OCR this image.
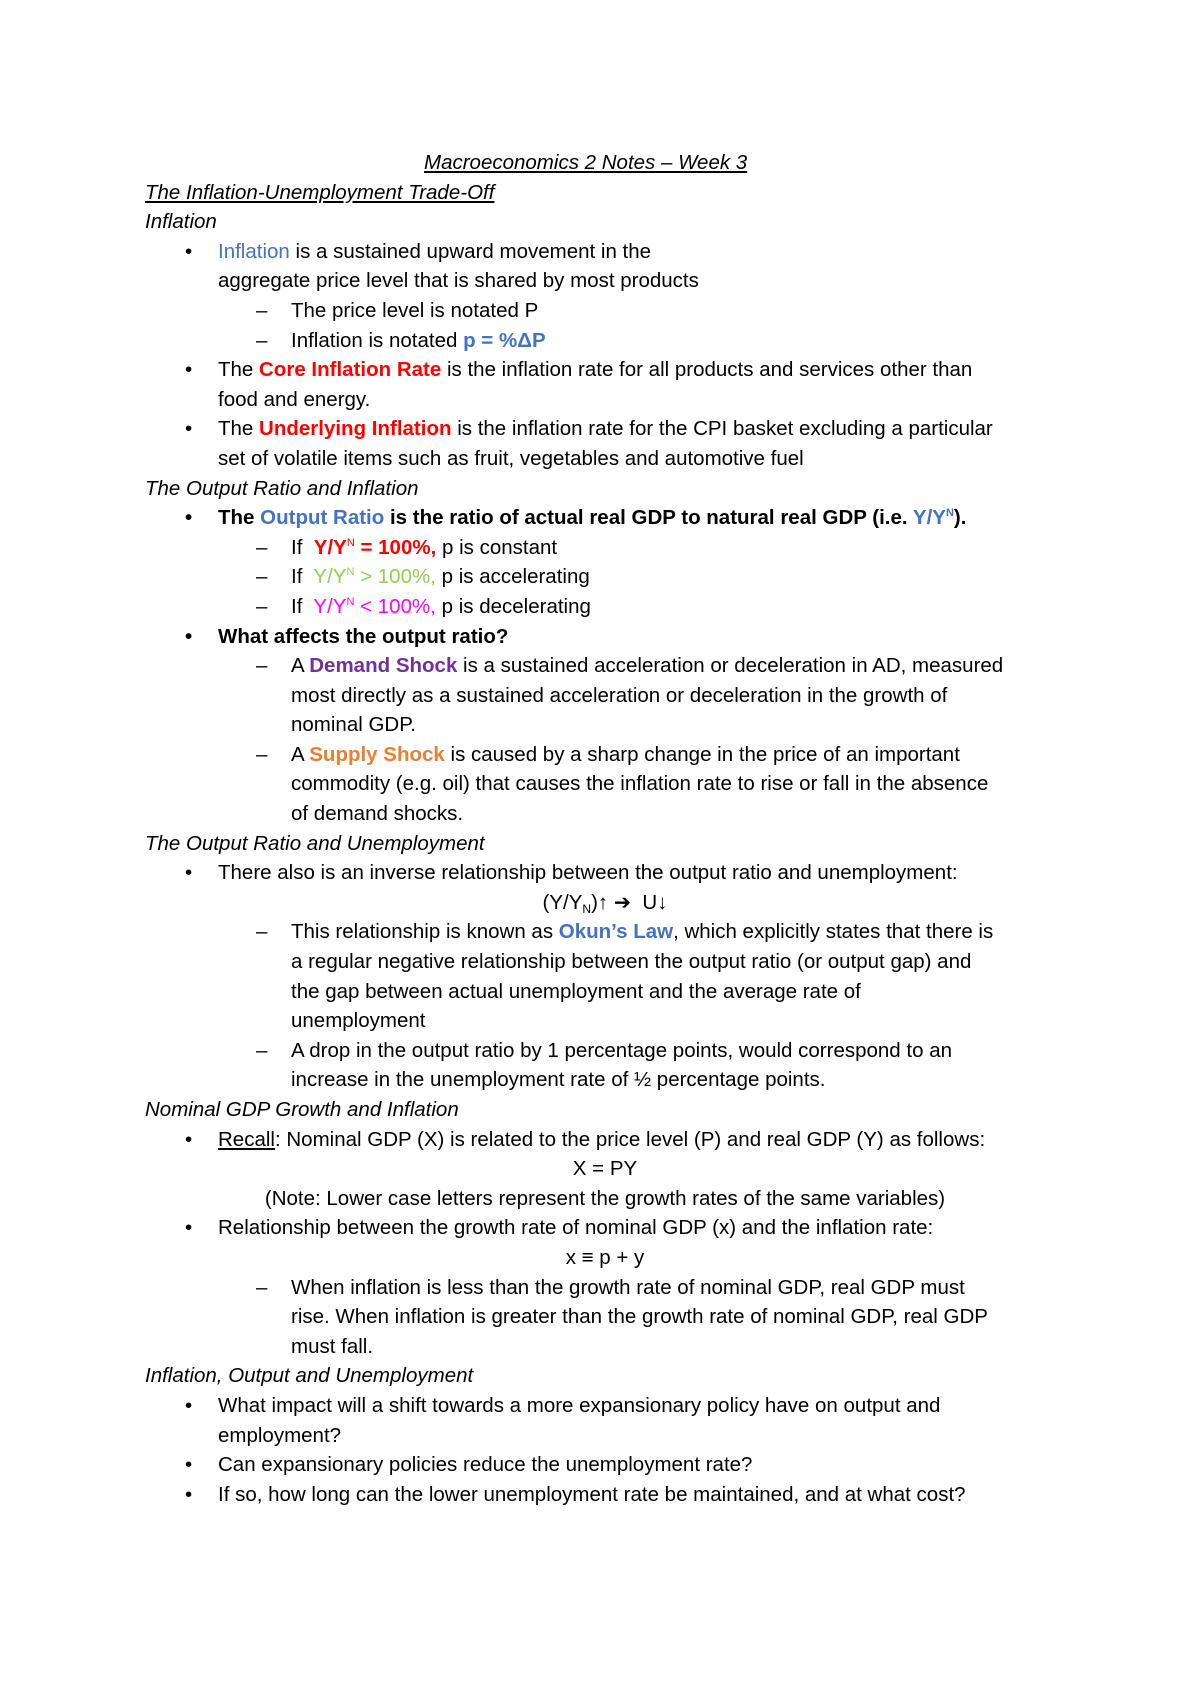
Macroeconomics 2 Notes – Week 3
The Inflation-Unemployment Trade-Off
Inflation
• Inflation is a sustained upward movement in the
aggregate price level that is shared by most products
– The price level is notated P
– Inflation is notated p = %ΔP
• The Core Inflation Rate is the inflation rate for all products and services other than
food and energy.
• The Underlying Inflation is the inflation rate for the CPI basket excluding a particular
set of volatile items such as fruit, vegetables and automotive fuel
The Output Ratio and Inflation
• The Output Ratio is the ratio of actual real GDP to natural real GDP (i.e. $Y/Y^N$).
– If  $Y/Y^N = 100\%$, p is constant
– If  $Y/Y^N > 100\%$, p is accelerating
– If  $Y/Y^N < 100\%$, p is decelerating
• What affects the output ratio?
– A Demand Shock is a sustained acceleration or deceleration in AD, measured
most directly as a sustained acceleration or deceleration in the growth of
nominal GDP.
– A Supply Shock is caused by a sharp change in the price of an important
commodity (e.g. oil) that causes the inflation rate to rise or fall in the absence
of demand shocks.
The Output Ratio and Unemployment
• There also is an inverse relationship between the output ratio and unemployment:
$(Y/Y_N)↑$ ➔  U↓
– This relationship is known as Okun’s Law, which explicitly states that there is
a regular negative relationship between the output ratio (or output gap) and
the gap between actual unemployment and the average rate of
unemployment
– A drop in the output ratio by 1 percentage points, would correspond to an
increase in the unemployment rate of ½ percentage points.
Nominal GDP Growth and Inflation
• Recall: Nominal GDP (X) is related to the price level (P) and real GDP (Y) as follows:
X = PY
(Note: Lower case letters represent the growth rates of the same variables)
• Relationship between the growth rate of nominal GDP (x) and the inflation rate:
x ≡ p + y
– When inflation is less than the growth rate of nominal GDP, real GDP must
rise. When inflation is greater than the growth rate of nominal GDP, real GDP
must fall.
Inflation, Output and Unemployment
• What impact will a shift towards a more expansionary policy have on output and
employment?
• Can expansionary policies reduce the unemployment rate?
• If so, how long can the lower unemployment rate be maintained, and at what cost?
